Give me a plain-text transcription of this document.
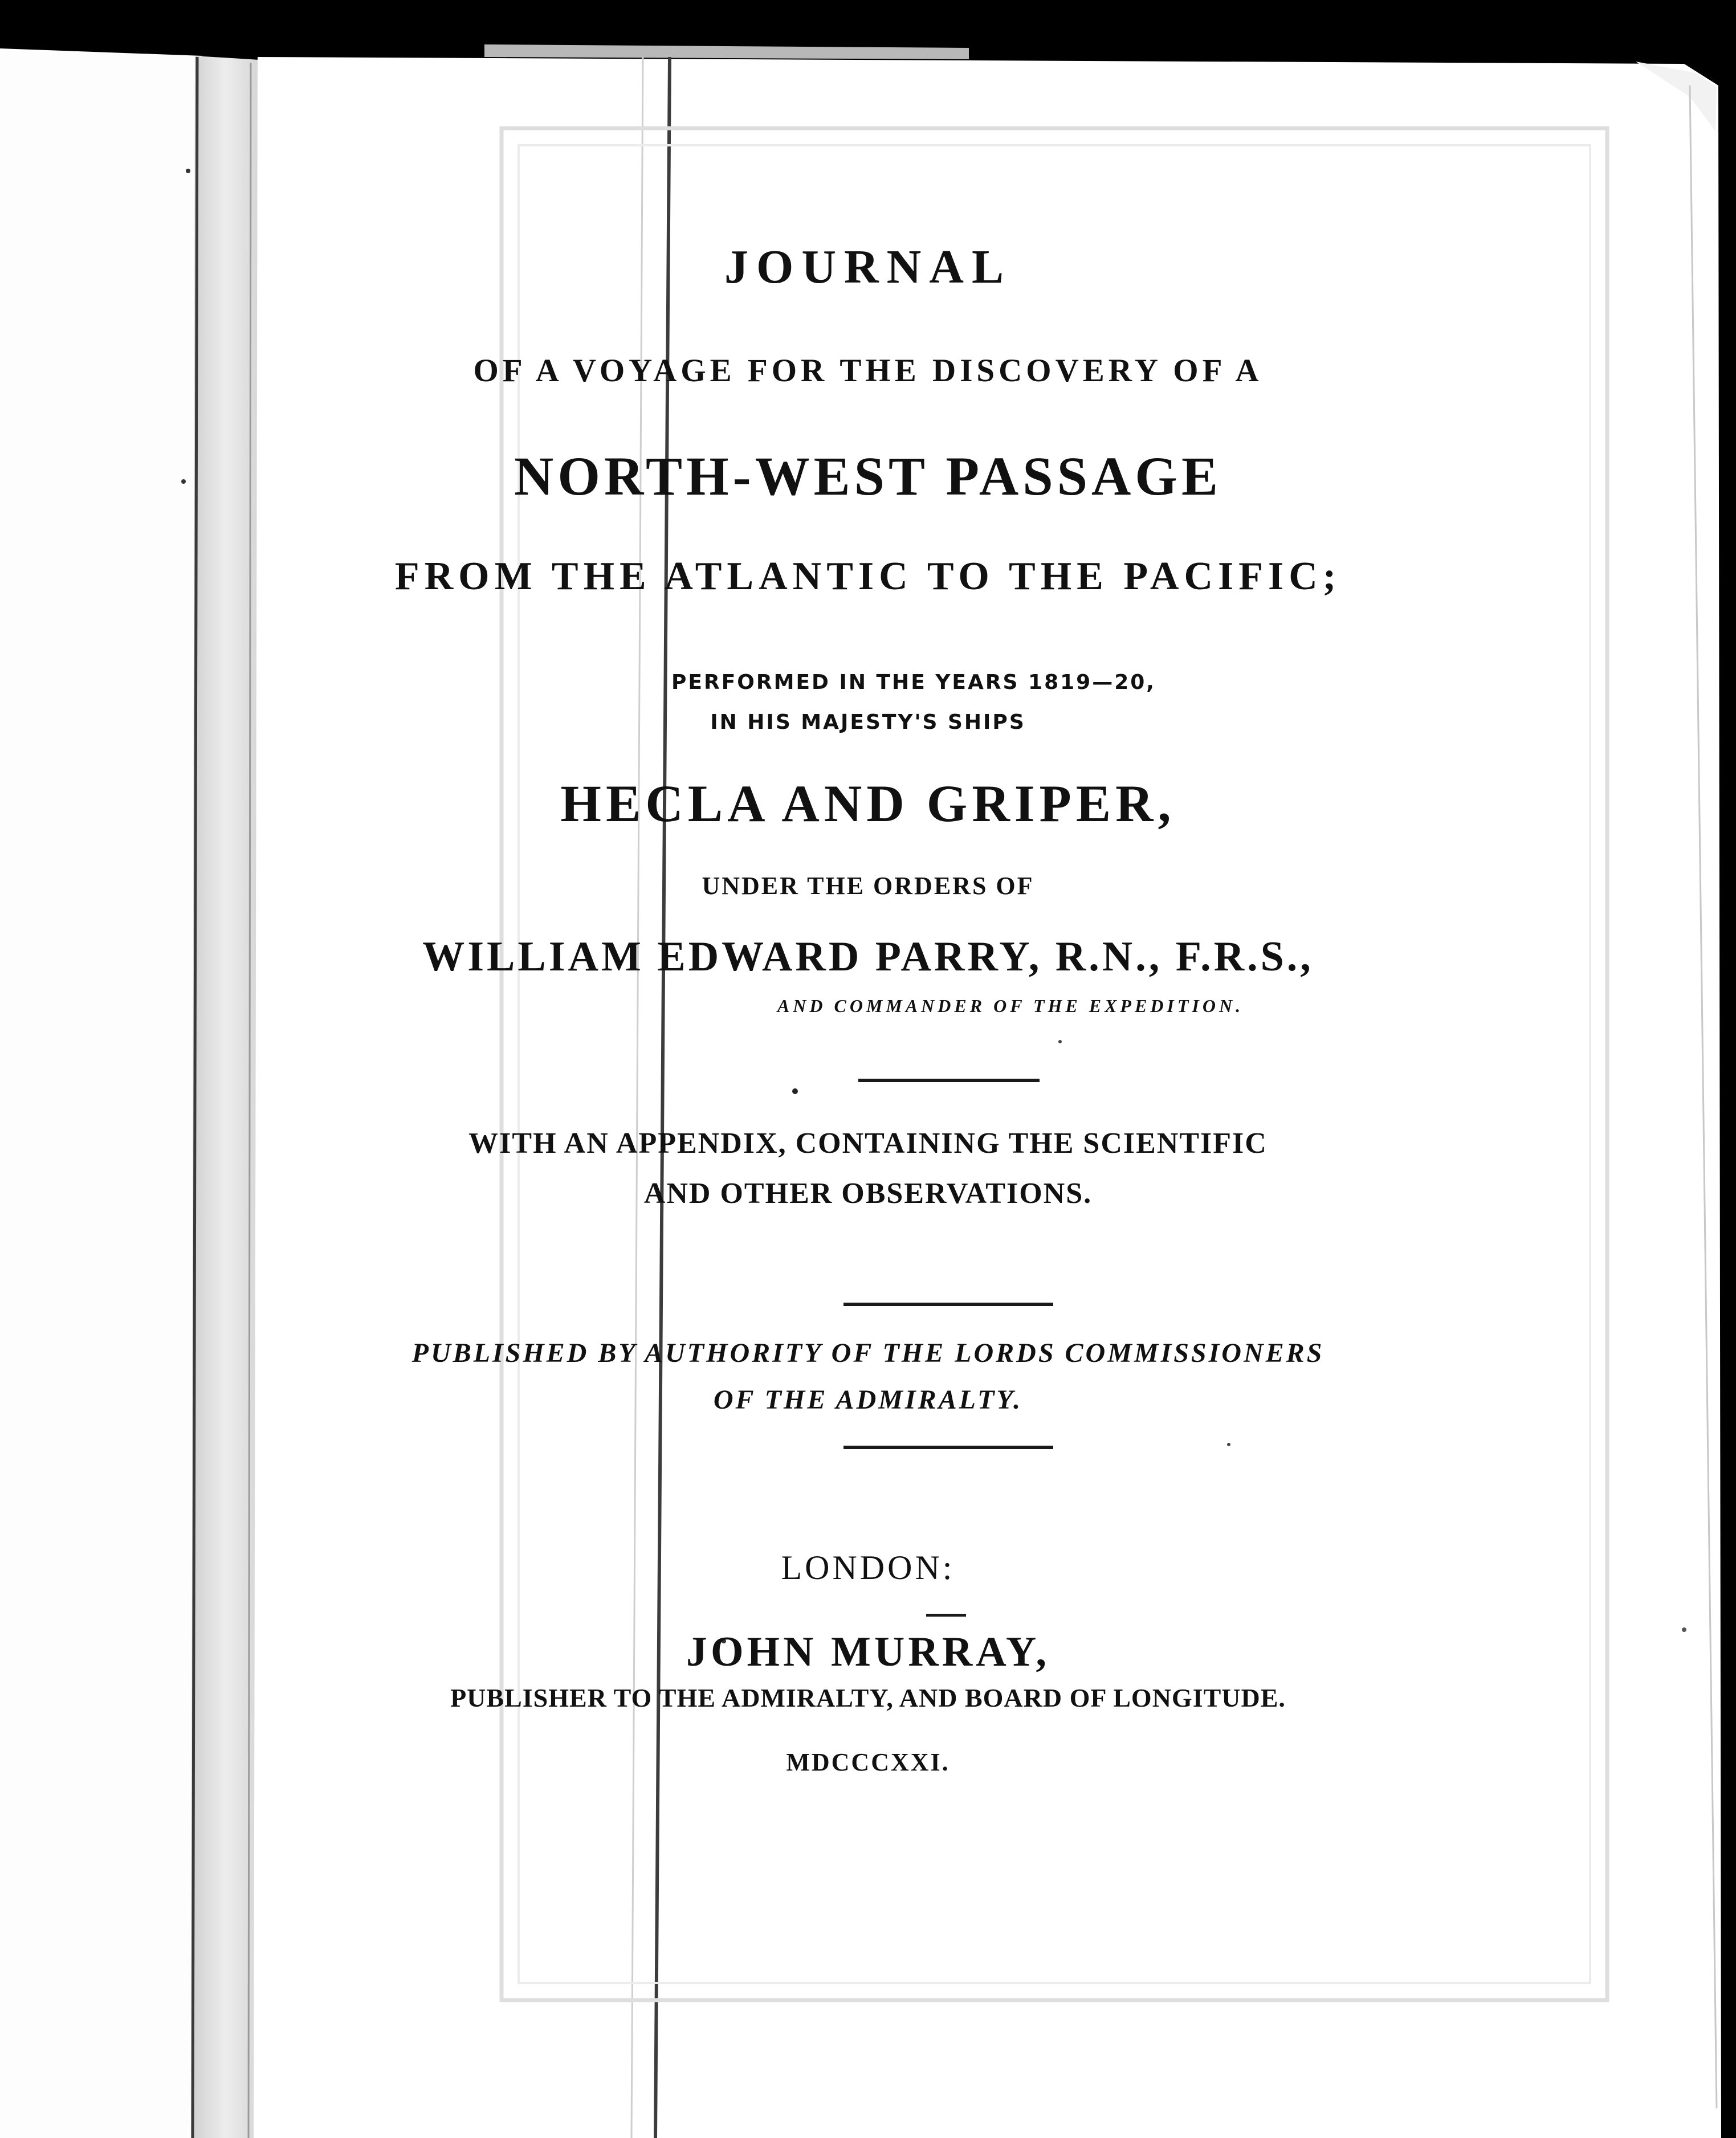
JOURNAL
OF A VOYAGE FOR THE DISCOVERY OF A
NORTH-WEST PASSAGE
FROM THE ATLANTIC TO THE PACIFIC;
PERFORMED IN THE YEARS 1819—20,
IN HIS MAJESTY'S SHIPS
HECLA AND GRIPER,
UNDER THE ORDERS OF
WILLIAM EDWARD PARRY, R.N., F.R.S.,
AND COMMANDER OF THE EXPEDITION.
WITH AN APPENDIX, CONTAINING THE SCIENTIFIC
AND OTHER OBSERVATIONS.
PUBLISHED BY AUTHORITY OF THE LORDS COMMISSIONERS
OF THE ADMIRALTY.
LONDON:
JOHN MURRAY,
PUBLISHER TO THE ADMIRALTY, AND BOARD OF LONGITUDE.
MDCCCXXI.
